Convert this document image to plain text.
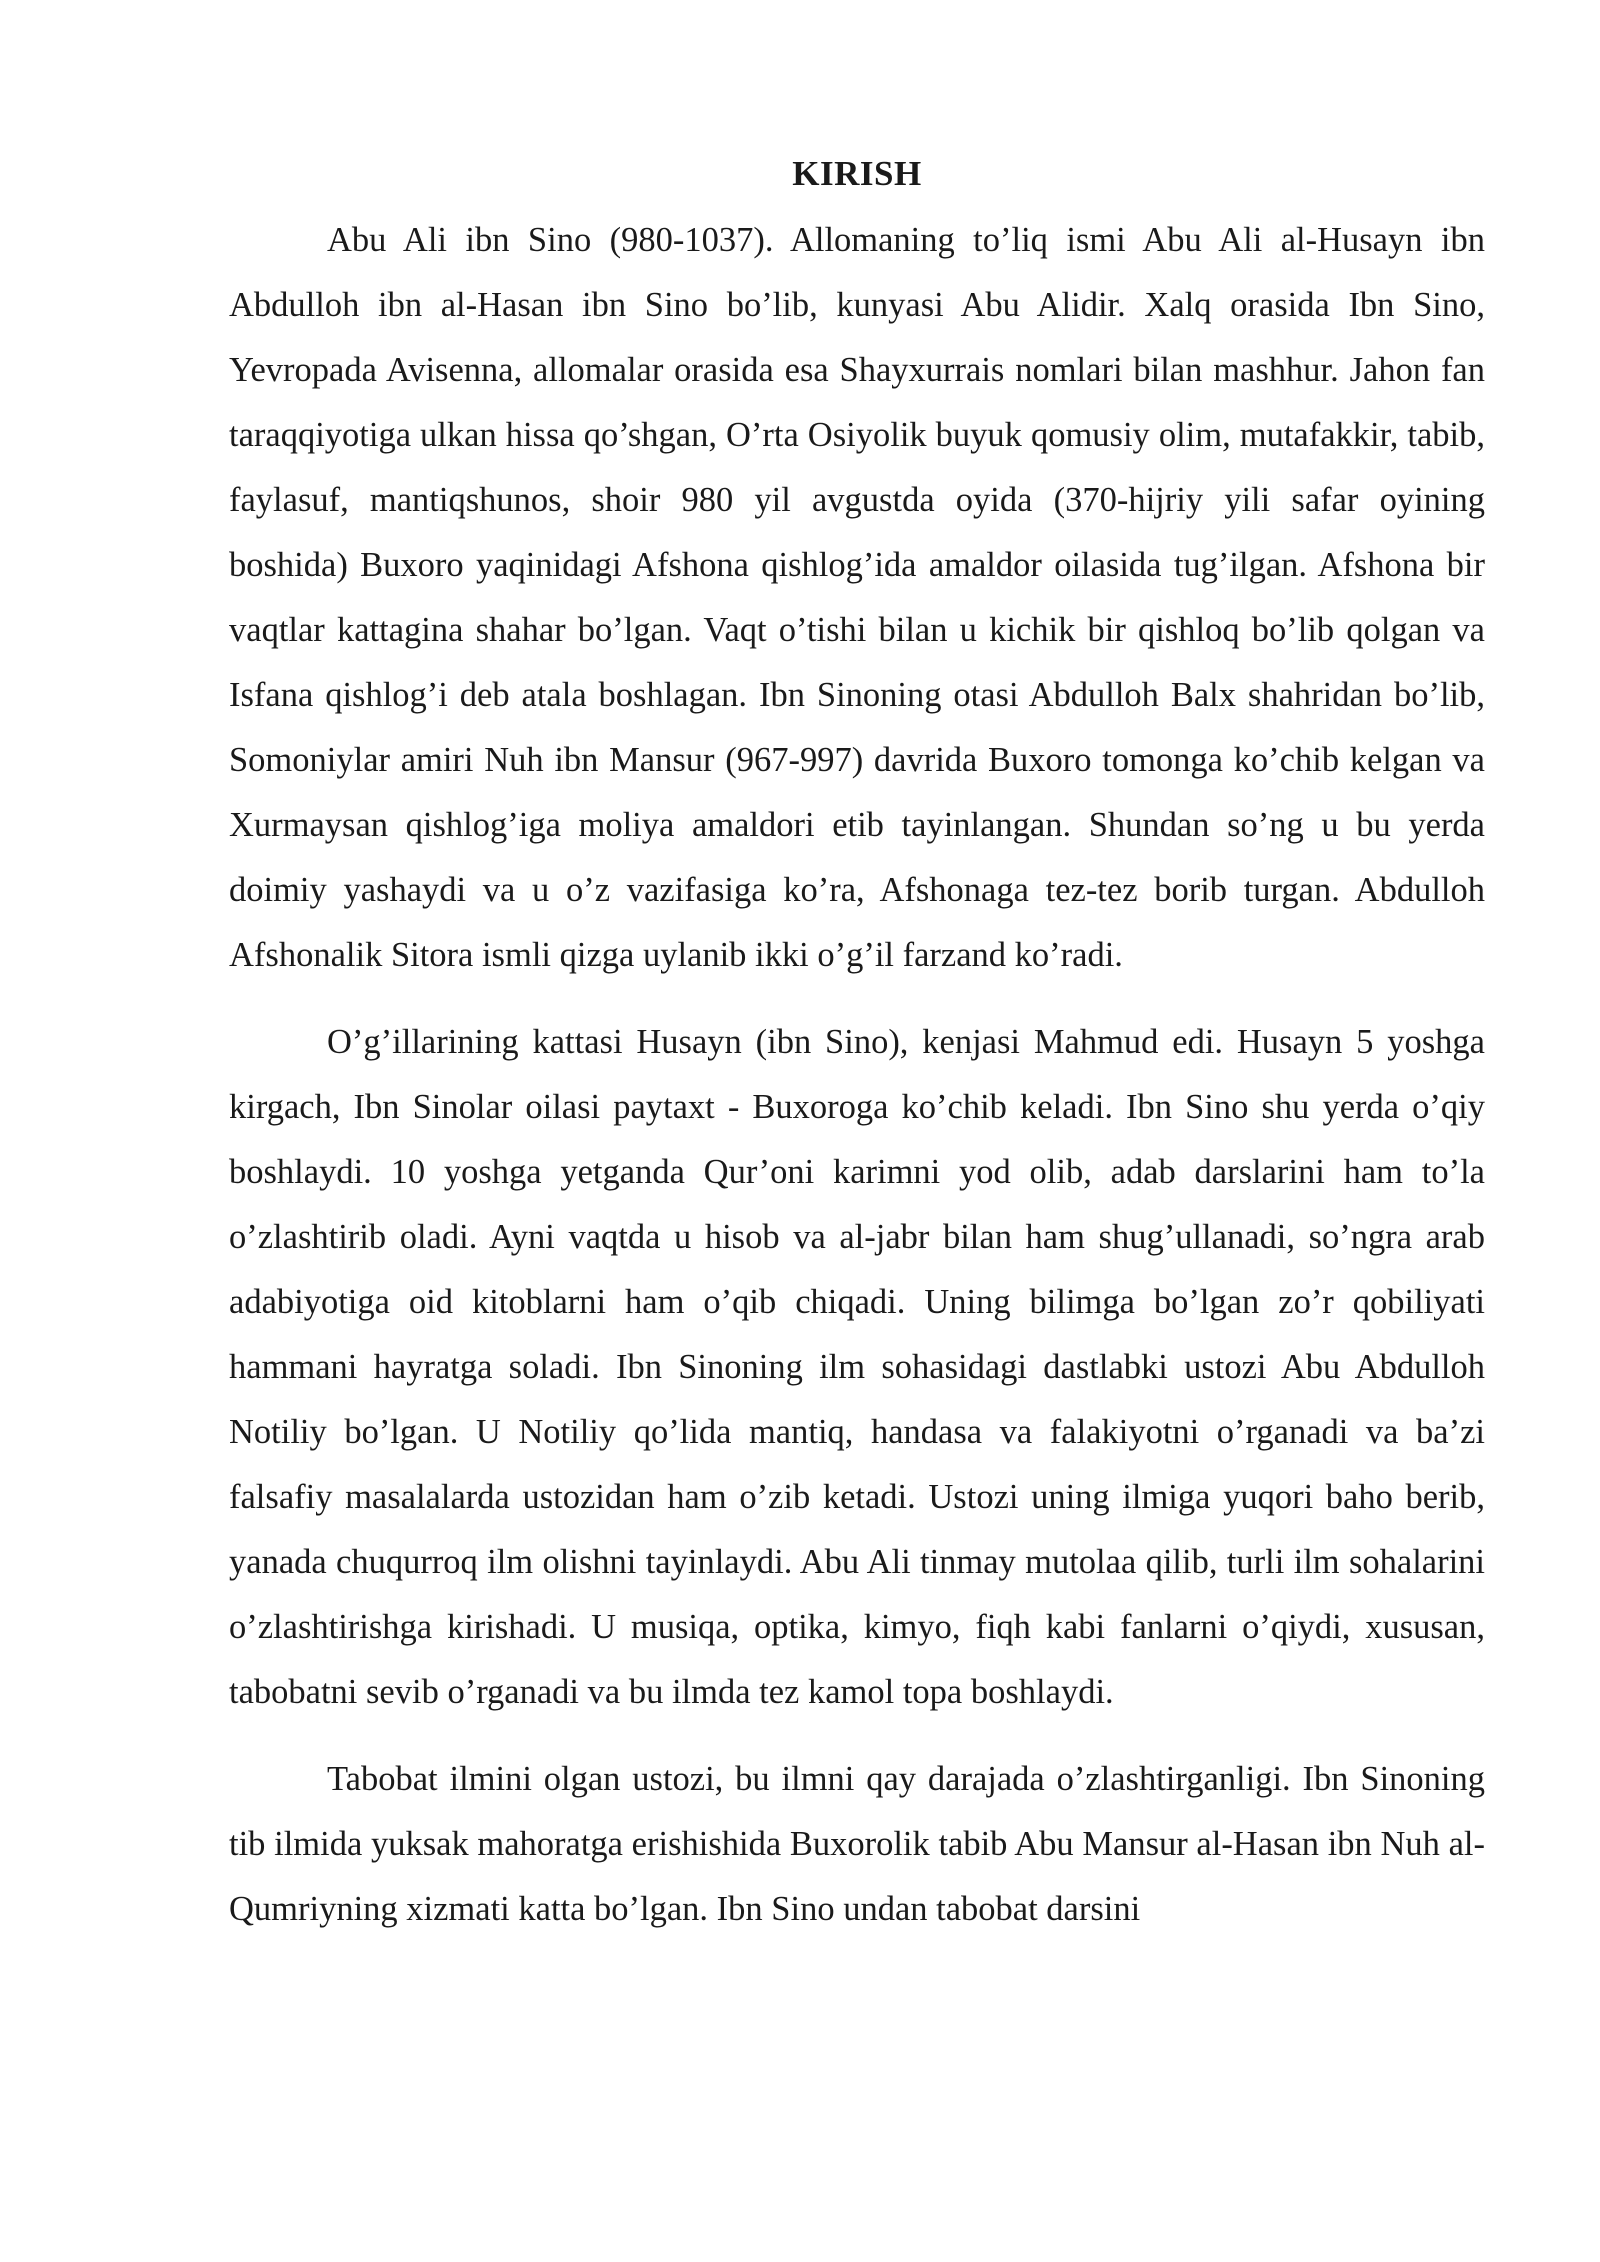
KIRISH

Abu Ali ibn Sino (980-1037). Allomaning to’liq ismi Abu Ali al-Husayn ibn Abdulloh ibn al-Hasan ibn Sino bo’lib, kunyasi Abu Alidir. Xalq orasida Ibn Sino, Yevropada Avisenna, allomalar orasida esa Shayxurrais nomlari bilan mashhur. Jahon fan taraqqiyotiga ulkan hissa qo’shgan, O’rta Osiyolik buyuk qomusiy olim, mutafakkir, tabib, faylasuf, mantiqshunos, shoir 980 yil avgustda oyida (370-hijriy yili safar oyining boshida) Buxoro yaqinidagi Afshona qishlog’ida amaldor oilasida tug’ilgan. Afshona bir vaqtlar kattagina shahar bo’lgan. Vaqt o’tishi bilan u kichik bir qishloq bo’lib qolgan va Isfana qishlog’i deb atala boshlagan. Ibn Sinoning otasi Abdulloh Balx shahridan bo’lib, Somoniylar amiri Nuh ibn Mansur (967-997) davrida Buxoro tomonga ko’chib kelgan va Xurmaysan qishlog’iga moliya amaldori etib tayinlangan. Shundan so’ng u bu yerda doimiy yashaydi va u o’z vazifasiga ko’ra, Afshonaga tez-tez borib turgan. Abdulloh Afshonalik Sitora ismli qizga uylanib ikki o’g’il farzand ko’radi.

O’g’illarining kattasi Husayn (ibn Sino), kenjasi Mahmud edi. Husayn 5 yoshga kirgach, Ibn Sinolar oilasi paytaxt - Buxoroga ko’chib keladi. Ibn Sino shu yerda o’qiy boshlaydi. 10 yoshga yetganda Qur’oni karimni yod olib, adab darslarini ham to’la o’zlashtirib oladi. Ayni vaqtda u hisob va al-jabr bilan ham shug’ullanadi, so’ngra arab adabiyotiga oid kitoblarni ham o’qib chiqadi. Uning bilimga bo’lgan zo’r qobiliyati hammani hayratga soladi. Ibn Sinoning ilm sohasidagi dastlabki ustozi Abu Abdulloh Notiliy bo’lgan. U Notiliy qo’lida mantiq, handasa va falakiyotni o’rganadi va ba’zi falsafiy masalalarda ustozidan ham o’zib ketadi. Ustozi uning ilmiga yuqori baho berib, yanada chuqurroq ilm olishni tayinlaydi. Abu Ali tinmay mutolaa qilib, turli ilm sohalarini o’zlashtirishga kirishadi. U musiqa, optika, kimyo, fiqh kabi fanlarni o’qiydi, xususan, tabobatni sevib o’rganadi va bu ilmda tez kamol topa boshlaydi.

Tabobat ilmini olgan ustozi, bu ilmni qay darajada o’zlashtirganligi. Ibn Sinoning tib ilmida yuksak mahoratga erishishida Buxorolik tabib Abu Mansur al-Hasan ibn Nuh al-Qumriyning xizmati katta bo’lgan. Ibn Sino undan tabobat darsini
